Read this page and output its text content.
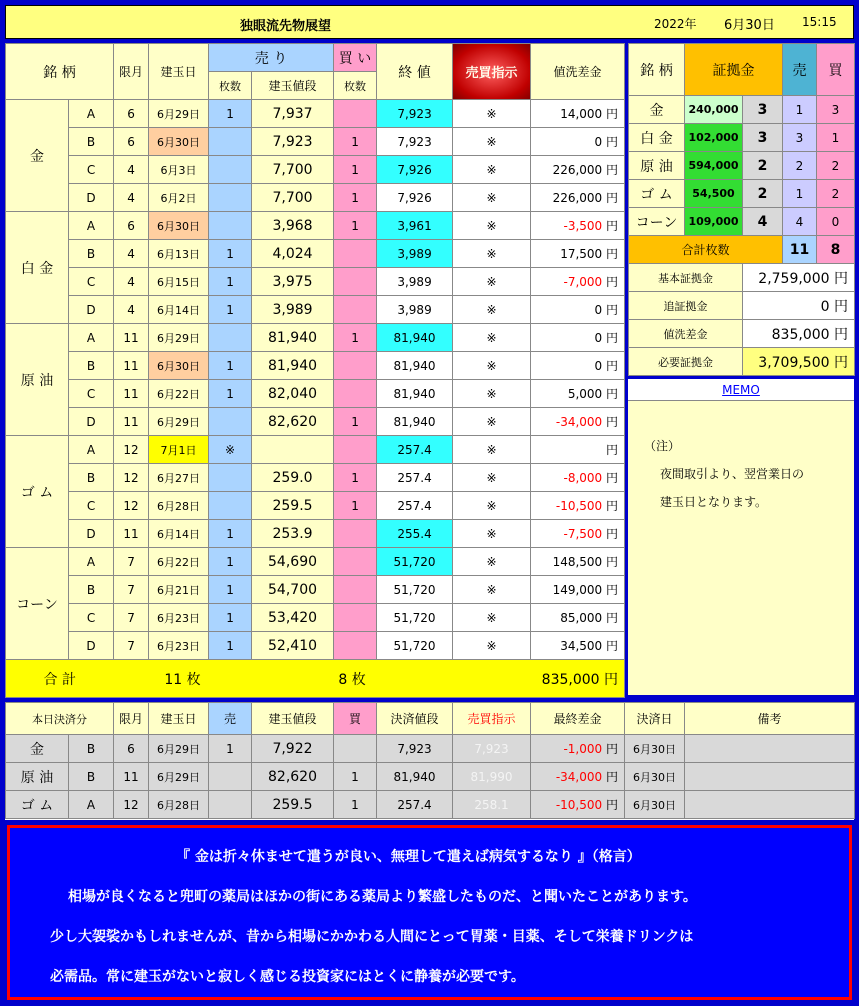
独眼流先物展望	2022年 6月30日 15:15
銘 柄		限月	建玉日	売 り		買 い	終 値	売買指示	値洗差金
				枚数	建玉値段	枚数			
金	A	6	6月29日	1	7,937		7,923	※	14,000 円
	B	6	6月30日		7,923	1	7,923	※	0 円
	C	4	6月3日		7,700	1	7,926	※	226,000 円
	D	4	6月2日		7,700	1	7,926	※	226,000 円
白 金	A	6	6月30日		3,968	1	3,961	※	-3,500 円
	B	4	6月13日	1	4,024		3,989	※	17,500 円
	C	4	6月15日	1	3,975		3,989	※	-7,000 円
	D	4	6月14日	1	3,989		3,989	※	0 円
原 油	A	11	6月29日		81,940	1	81,940	※	0 円
	B	11	6月30日	1	81,940		81,940	※	0 円
	C	11	6月22日	1	82,040		81,940	※	5,000 円
	D	11	6月29日		82,620	1	81,940	※	-34,000 円
ゴ ム	A	12	7月1日	※			257.4	※	円
	B	12	6月27日		259.0	1	257.4	※	-8,000 円
	C	12	6月28日		259.5	1	257.4	※	-10,500 円
	D	11	6月14日	1	253.9		255.4	※	-7,500 円
コーン	A	7	6月22日	1	54,690		51,720	※	148,500 円
	B	7	6月21日	1	54,700		51,720	※	149,000 円
	C	7	6月23日	1	53,420		51,720	※	85,000 円
	D	7	6月23日	1	52,410		51,720	※	34,500 円
合 計		11 枚			8 枚			835,000 円	
銘 柄	証拠金		売	買
金	240,000	3	1	3
白 金	102,000	3	3	1
原 油	594,000	2	2	2
ゴ ム	54,500	2	1	2
コーン	109,000	4	4	0
合計枚数			11	8
基本証拠金		2,759,000 円		
追証拠金		0 円		
値洗差金		835,000 円		
必要証拠金		3,709,500 円		
MEMO
（注）
夜間取引より、翌営業日の
建玉日となります。
本日決済分		限月	建玉日	売	建玉値段	買	決済値段	売買指示	最終差金	決済日	備考
金	B	6	6月29日	1	7,922		7,923	7,923	-1,000 円	6月30日	
原 油	B	11	6月29日		82,620	1	81,940	81,990	-34,000 円	6月30日	
ゴ ム	A	12	6月28日		259.5	1	257.4	258.1	-10,500 円	6月30日	
『 金は折々休ませて遣うが良い、無理して遣えば病気するなり 』（格言）
相場が良くなると兜町の薬局はほかの街にある薬局より繁盛したものだ、と聞いたことがあります。
少し大袈裟かもしれませんが、昔から相場にかかわる人間にとって胃薬・目薬、そして栄養ドリンクは
必需品。常に建玉がないと寂しく感じる投資家にはとくに静養が必要です。
